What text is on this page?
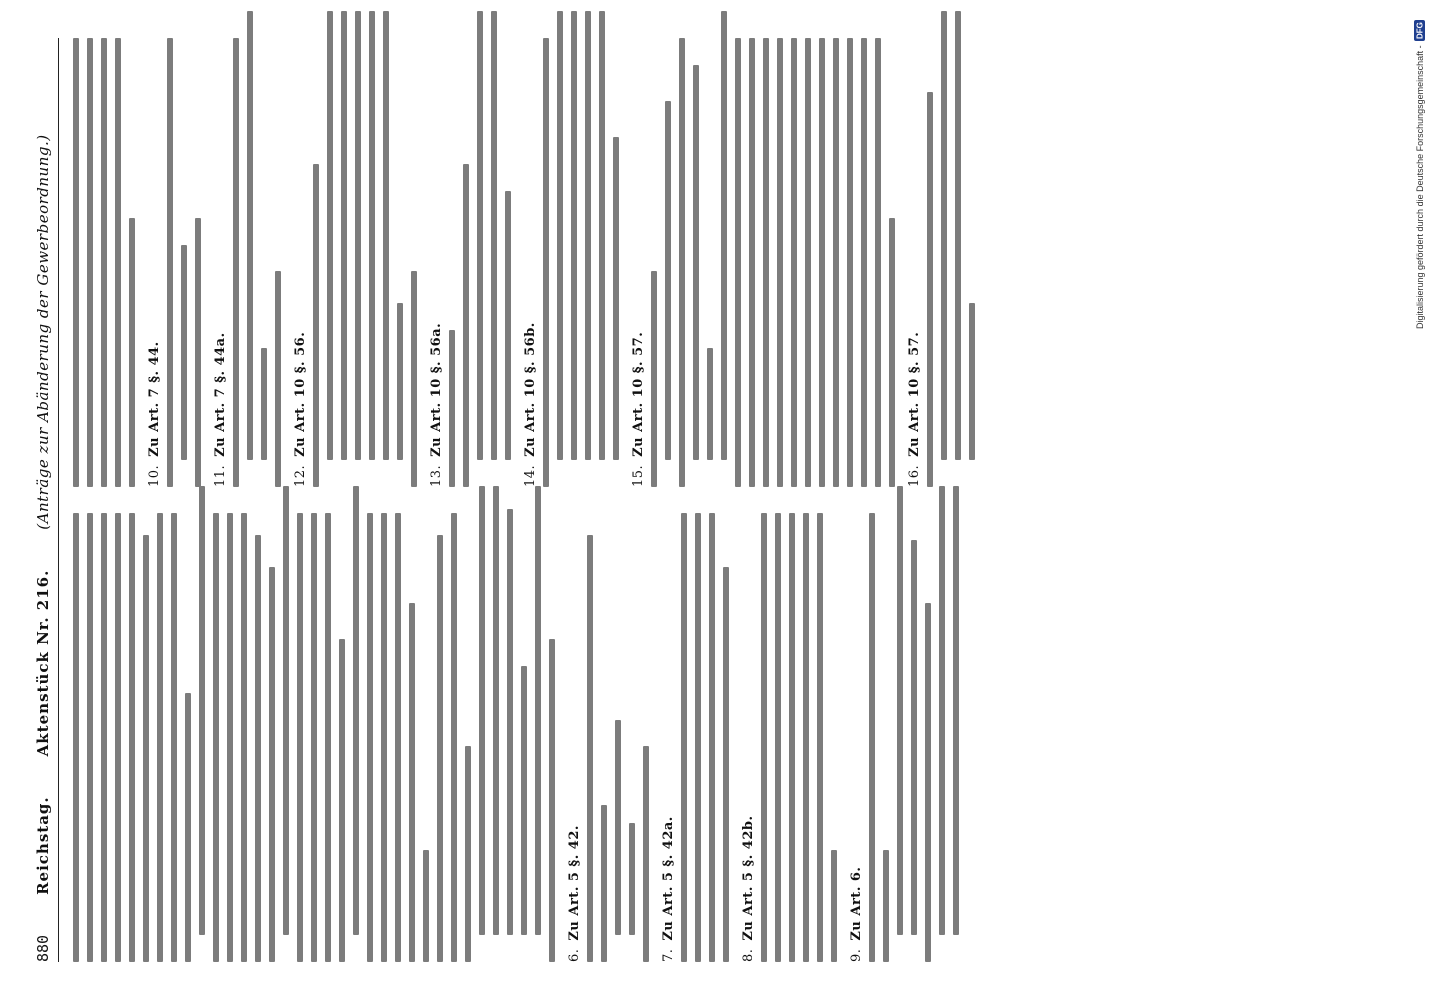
880
Reichstag.
Aktenstück Nr. 216.
(Anträge zur Abänderung der Gewerbeordnung.)
6.Zu Art. 5 §. 42.
7.Zu Art. 5 §. 42a.
8.Zu Art. 5 §. 42b.
9.Zu Art. 6.
10.Zu Art. 7 §. 44.
11.Zu Art. 7 §. 44a.
12.Zu Art. 10 §. 56.
13.Zu Art. 10 §. 56a.
14.Zu Art. 10 §. 56b.
15.Zu Art. 10 §. 57.
16.Zu Art. 10 §. 57.
Digitalisierung gefördert durch die Deutsche Forschungsgemeinschaft -
DFG
